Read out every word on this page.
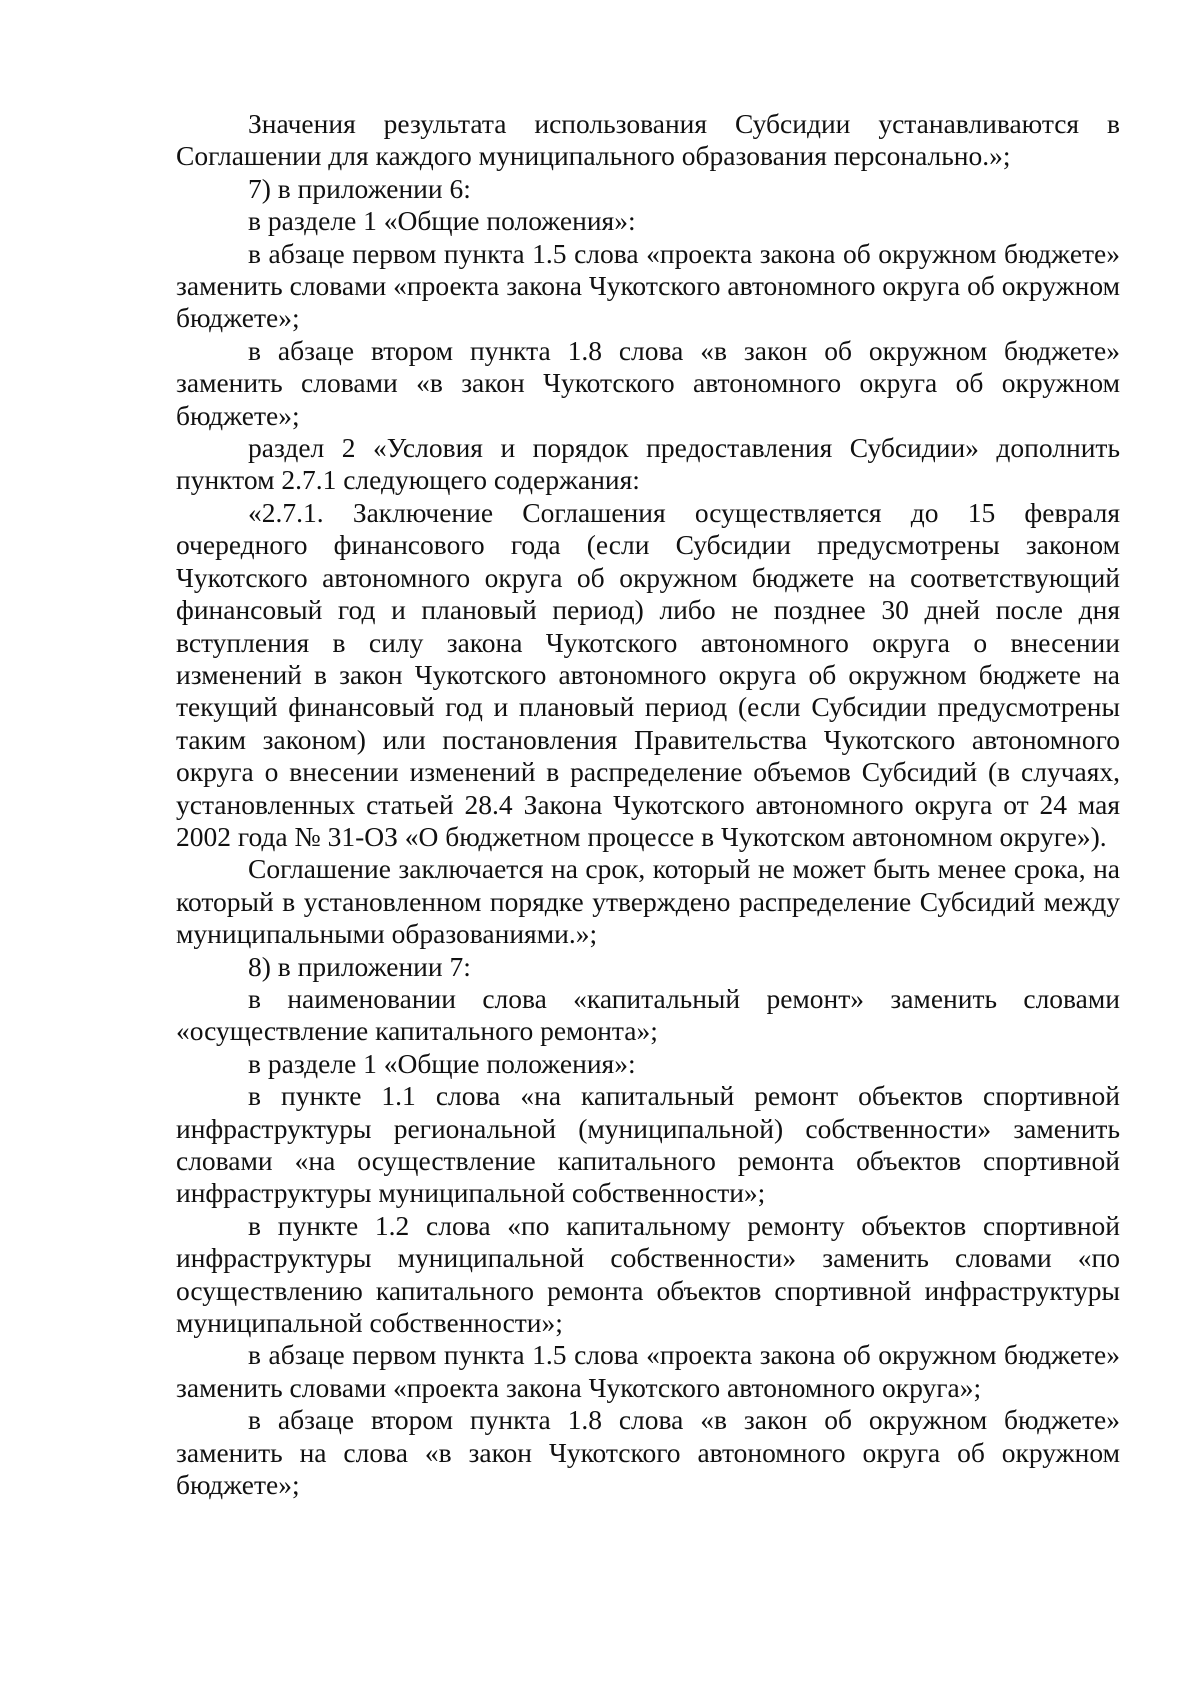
Значения результата использования Субсидии устанавливаются в Соглашении для каждого муниципального образования персонально.»;

7) в приложении 6:

в разделе 1 «Общие положения»:

в абзаце первом пункта 1.5 слова «проекта закона об окружном бюджете» заменить словами «проекта закона Чукотского автономного округа об окружном бюджете»;

в абзаце втором пункта 1.8 слова «в закон об окружном бюджете» заменить словами «в закон Чукотского автономного округа об окружном бюджете»;

раздел 2 «Условия и порядок предоставления Субсидии» дополнить пунктом 2.7.1 следующего содержания:

«2.7.1. Заключение Соглашения осуществляется до 15 февраля очередного финансового года (если Субсидии предусмотрены законом Чукотского автономного округа об окружном бюджете на соответствующий финансовый год и плановый период) либо не позднее 30 дней после дня вступления в силу закона Чукотского автономного округа о внесении изменений в закон Чукотского автономного округа об окружном бюджете на текущий финансовый год и плановый период (если Субсидии предусмотрены таким законом) или постановления Правительства Чукотского автономного округа о внесении изменений в распределение объемов Субсидий (в случаях, установленных статьей 28.4 Закона Чукотского автономного округа от 24 мая 2002 года № 31-ОЗ «О бюджетном процессе в Чукотском автономном округе»).

Соглашение заключается на срок, который не может быть менее срока, на который в установленном порядке утверждено распределение Субсидий между муниципальными образованиями.»;

8) в приложении 7:

в наименовании слова «капитальный ремонт» заменить словами «осуществление капитального ремонта»;

в разделе 1 «Общие положения»:

в пункте 1.1 слова «на капитальный ремонт объектов спортивной инфраструктуры региональной (муниципальной) собственности» заменить словами «на осуществление капитального ремонта объектов спортивной инфраструктуры муниципальной собственности»;

в пункте 1.2 слова «по капитальному ремонту объектов спортивной инфраструктуры муниципальной собственности» заменить словами «по осуществлению капитального ремонта объектов спортивной инфраструктуры муниципальной собственности»;

в абзаце первом пункта 1.5 слова «проекта закона об окружном бюджете» заменить словами «проекта закона Чукотского автономного округа»;

в абзаце втором пункта 1.8 слова «в закон об окружном бюджете» заменить на слова «в закон Чукотского автономного округа об окружном бюджете»;
